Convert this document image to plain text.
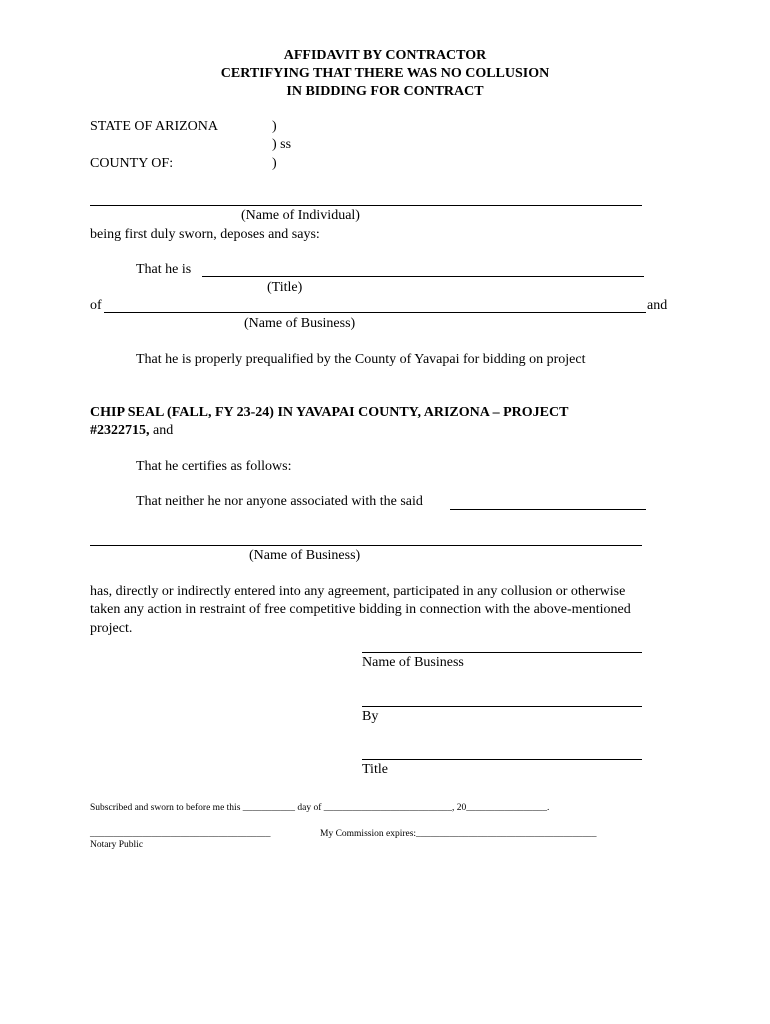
AFFIDAVIT BY CONTRACTOR
CERTIFYING THAT THERE WAS NO COLLUSION
IN BIDDING FOR CONTRACT
STATE OF ARIZONA	)
) ss
COUNTY OF:	)
(Name of Individual)
being first duly sworn, deposes and says:
That he is
(Title)
of	and
(Name of Business)
That he is properly prequalified by the County of Yavapai for bidding on project
CHIP SEAL (FALL, FY 23-24) IN YAVAPAI COUNTY, ARIZONA – PROJECT
#2322715, and
That he certifies as follows:
That neither he nor anyone associated with the said
(Name of Business)
has, directly or indirectly entered into any agreement, participated in any collusion or otherwise
taken any action in restraint of free competitive bidding in connection with the above-mentioned
project.
Name of Business
By
Title
Subscribed and sworn to before me this ___________ day of ___________________________, 20_________________.
______________________________________	My Commission expires:______________________________________
Notary Public
